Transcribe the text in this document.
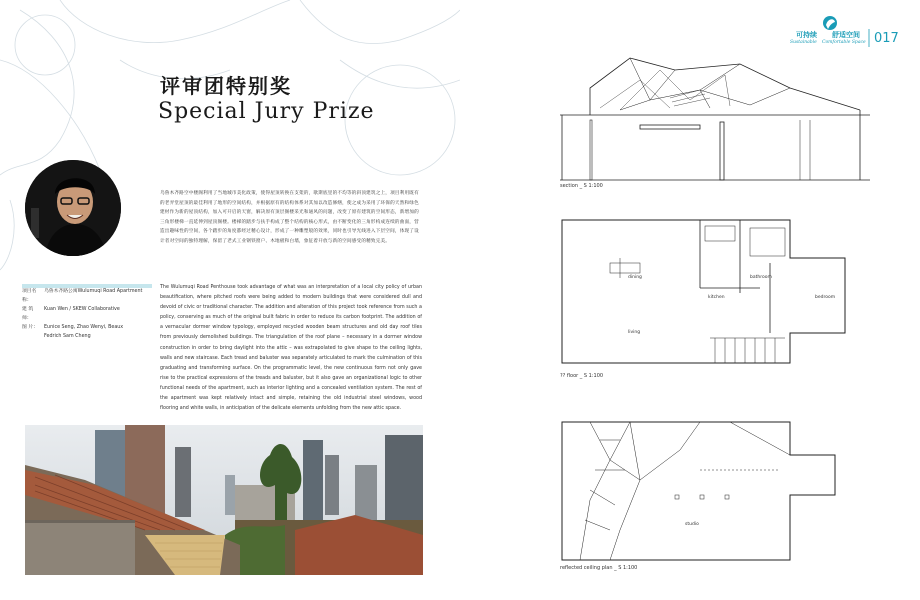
评审团特别奖
Special Jury Prize
乌鲁木齐路空中楼阁利用了当地城市美化政策，使得屋顶转换在支架的，歇斯底里的不均等的斜顶建筑之上，项目利用既有的老弄堂屋顶的最佳利用了地形的空间结构，并根据原有的结构体系对其加以改造修缮，使之成为采用了环保的天然和绿色建材作为新的屋顶结构，加入可开启的天窗，解决原有顶层阁楼采光和通风的问题，改变了原有建筑的空间形态，新增加的三角形楼梯一直延伸到屋顶阁楼。楼梯的踏步与扶手构成了整个结构的核心形式，由不断变化的三角形构成连续的曲面，营造出趣味性的空间，各个踏步的角度都经过精心设计，形成了一种雕塑般的效果，同时也引导光线进入下层空间，体现了设计者对空间的独特理解，保留了老式工业钢铁窗户、木地板和白墙，象征着开放与新的空间感受的精致完美。
项目名称：
乌鲁木齐路公寓Wulumuqi Road Apartment
建 筑 师：
Kuan Wen / SKEW Collaborative
图 片：	Eunice Seng, Zhao Wenyi, Beaux
Fedrich Sam Cheng
The Wulumuqi Road Penthouse took advantage of what was an interpretation of a local city policy of urban beautification, where pitched roofs were being added to modern buildings that were considered dull and devoid of civic or traditional character. The addition and alteration of this project took reference from such a policy, conserving as much of the original built fabric in order to reduce its carbon footprint. The addition of a vernacular dormer window typology, employed recycled wooden beam structures and old day roof tiles from previously demolished buildings. The triangulation of the roof plane – necessary in a dormer window construction in order to bring daylight into the attic – was extrapolated to give shape to the ceiling lights, walls and new staircase. Each tread and baluster was separately articulated to mark the culmination of this graduating and transforming surface. On the programmatic level, the new continuous form not only gave rise to the practical expressions of the treads and baluster, but it also gave an organizational logic to other functional needs of the apartment, such as interior lighting and a concealed ventilation system. The rest of the apartment was kept relatively intact and simple, retaining the old industrial steel windows, wood flooring and white walls, in anticipation of the delicate elements unfolding from the new attic space.
可持续 舒适空间
Sustainable Comfortable Space 017
section _ S 1:100
dining	bathroom
kitchen	bedroom
living
?? floor _ S 1:100
studio
reflected ceiling plan _ S 1:100
